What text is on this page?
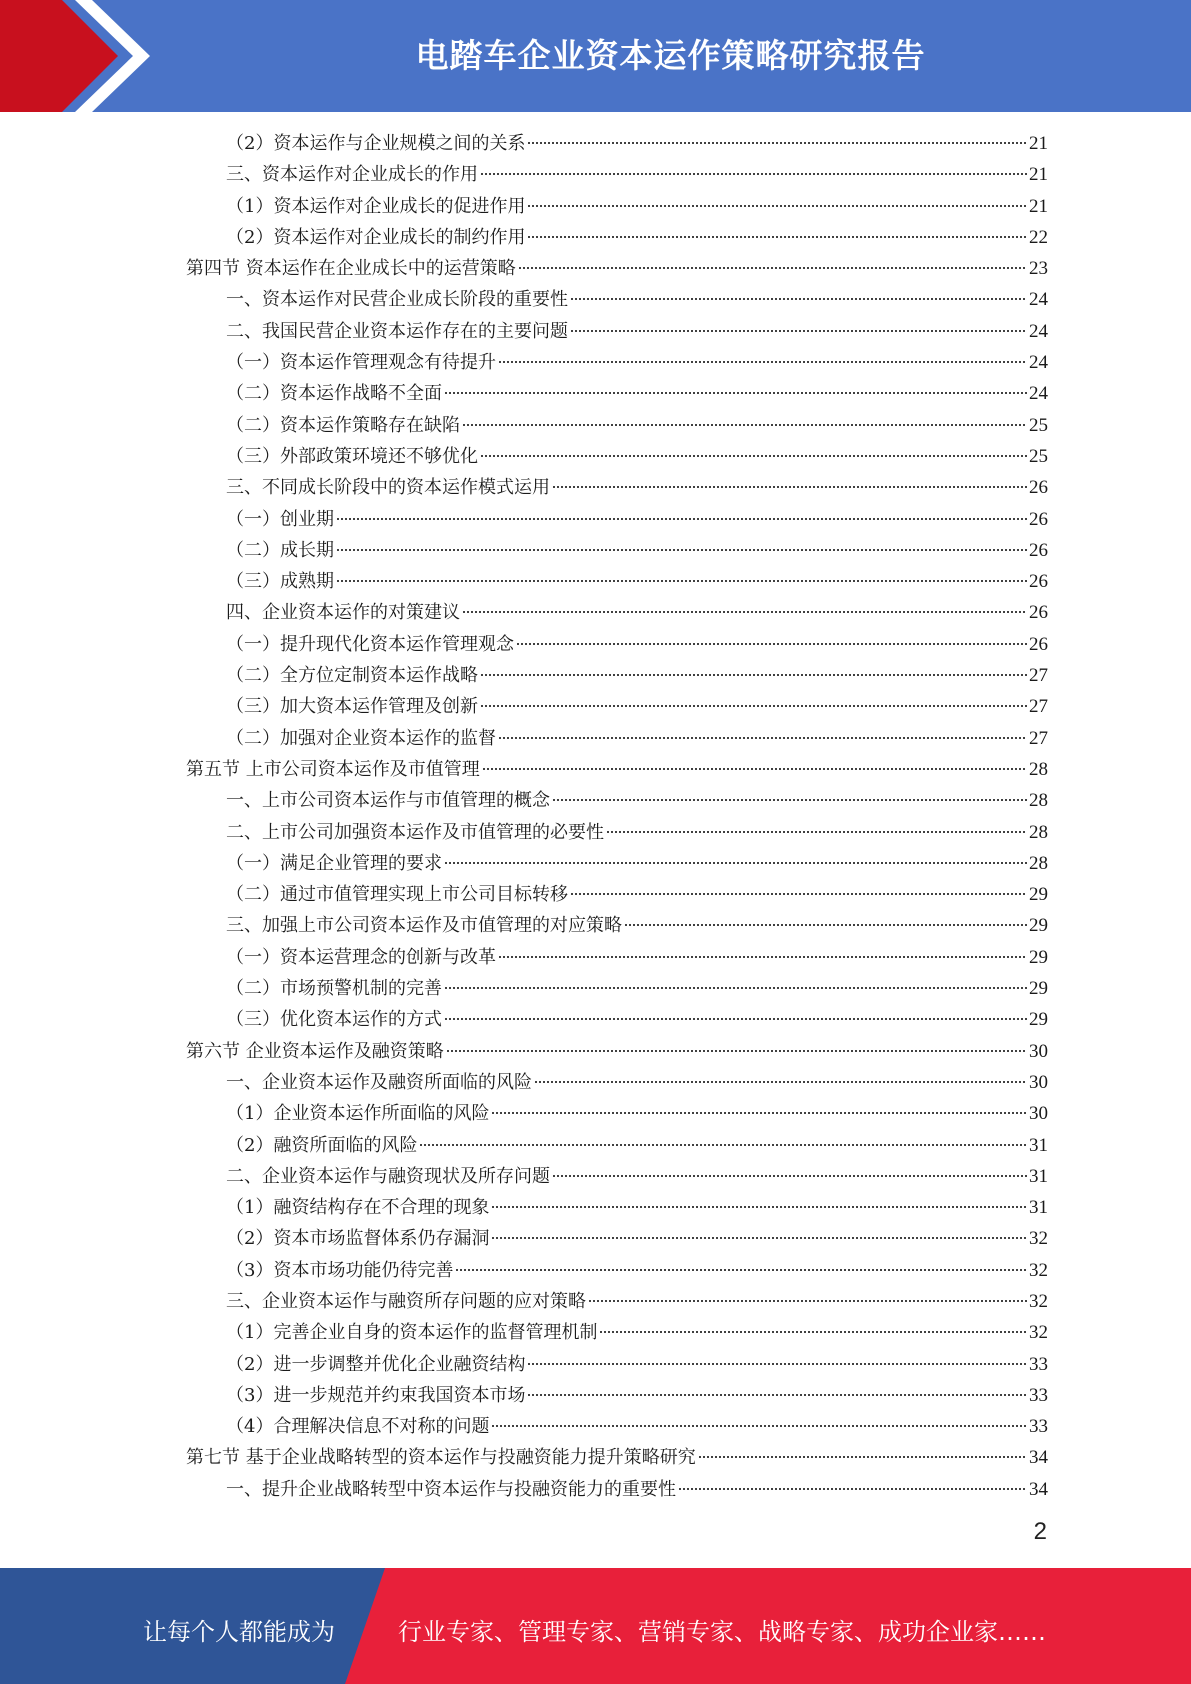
电踏车企业资本运作策略研究报告
（2）资本运作与企业规模之间的关系	21
三、资本运作对企业成长的作用	21
（1）资本运作对企业成长的促进作用	21
（2）资本运作对企业成长的制约作用	22
第四节 资本运作在企业成长中的运营策略	23
一、资本运作对民营企业成长阶段的重要性	24
二、我国民营企业资本运作存在的主要问题	24
（一）资本运作管理观念有待提升	24
（二）资本运作战略不全面	24
（二）资本运作策略存在缺陷	25
（三）外部政策环境还不够优化	25
三、不同成长阶段中的资本运作模式运用	26
（一）创业期	26
（二）成长期	26
（三）成熟期	26
四、企业资本运作的对策建议	26
（一）提升现代化资本运作管理观念	26
（二）全方位定制资本运作战略	27
（三）加大资本运作管理及创新	27
（二）加强对企业资本运作的监督	27
第五节 上市公司资本运作及市值管理	28
一、上市公司资本运作与市值管理的概念	28
二、上市公司加强资本运作及市值管理的必要性	28
（一）满足企业管理的要求	28
（二）通过市值管理实现上市公司目标转移	29
三、加强上市公司资本运作及市值管理的对应策略	29
（一）资本运营理念的创新与改革	29
（二）市场预警机制的完善	29
（三）优化资本运作的方式	29
第六节 企业资本运作及融资策略	30
一、企业资本运作及融资所面临的风险	30
（1）企业资本运作所面临的风险	30
（2）融资所面临的风险	31
二、企业资本运作与融资现状及所存问题	31
（1）融资结构存在不合理的现象	31
（2）资本市场监督体系仍存漏洞	32
（3）资本市场功能仍待完善	32
三、企业资本运作与融资所存问题的应对策略	32
（1）完善企业自身的资本运作的监督管理机制	32
（2）进一步调整并优化企业融资结构	33
（3）进一步规范并约束我国资本市场	33
（4）合理解决信息不对称的问题	33
第七节 基于企业战略转型的资本运作与投融资能力提升策略研究	34
一、提升企业战略转型中资本运作与投融资能力的重要性	34
2
让每个人都能成为	行业专家、管理专家、营销专家、战略专家、成功企业家……
